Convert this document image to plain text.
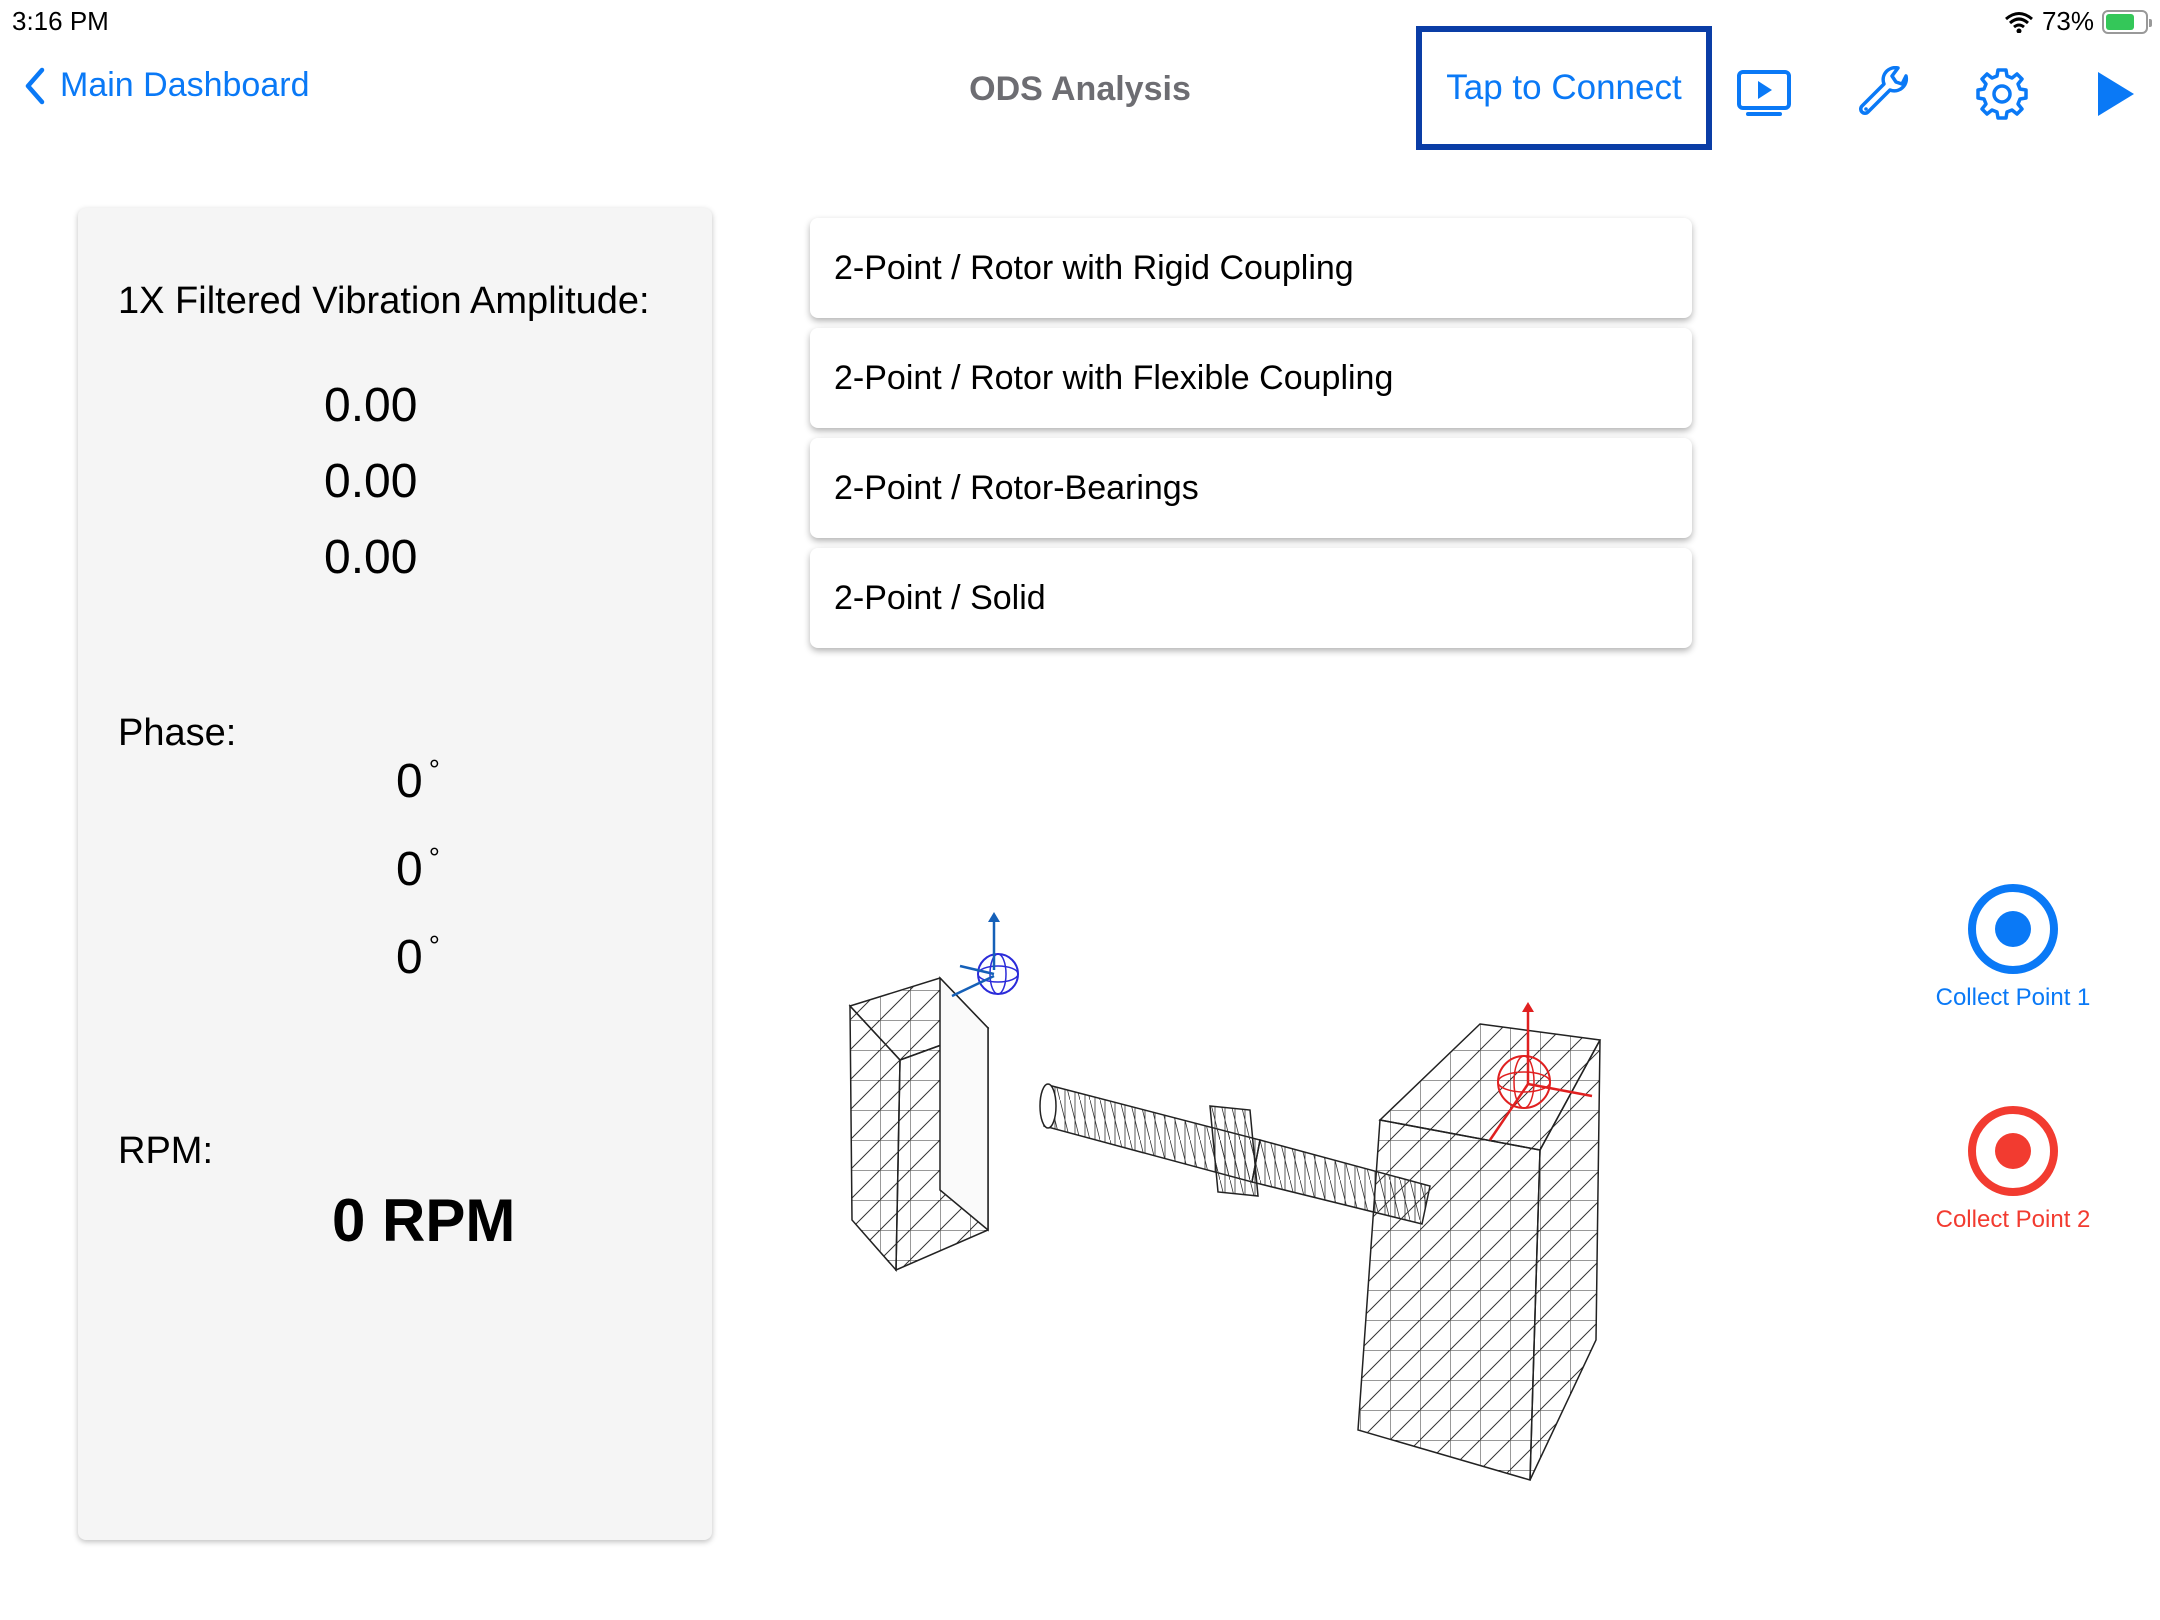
3:16 PM	73%
Main Dashboard	ODS Analysis	Tap to Connect
1X Filtered Vibration Amplitude:
0.00
0.00
0.00
Phase:
0 °
0 °
0 °
RPM:
0 RPM
2-Point / Rotor with Rigid Coupling
2-Point / Rotor with Flexible Coupling
2-Point / Rotor-Bearings
2-Point / Solid
Collect Point 1
Collect Point 2
